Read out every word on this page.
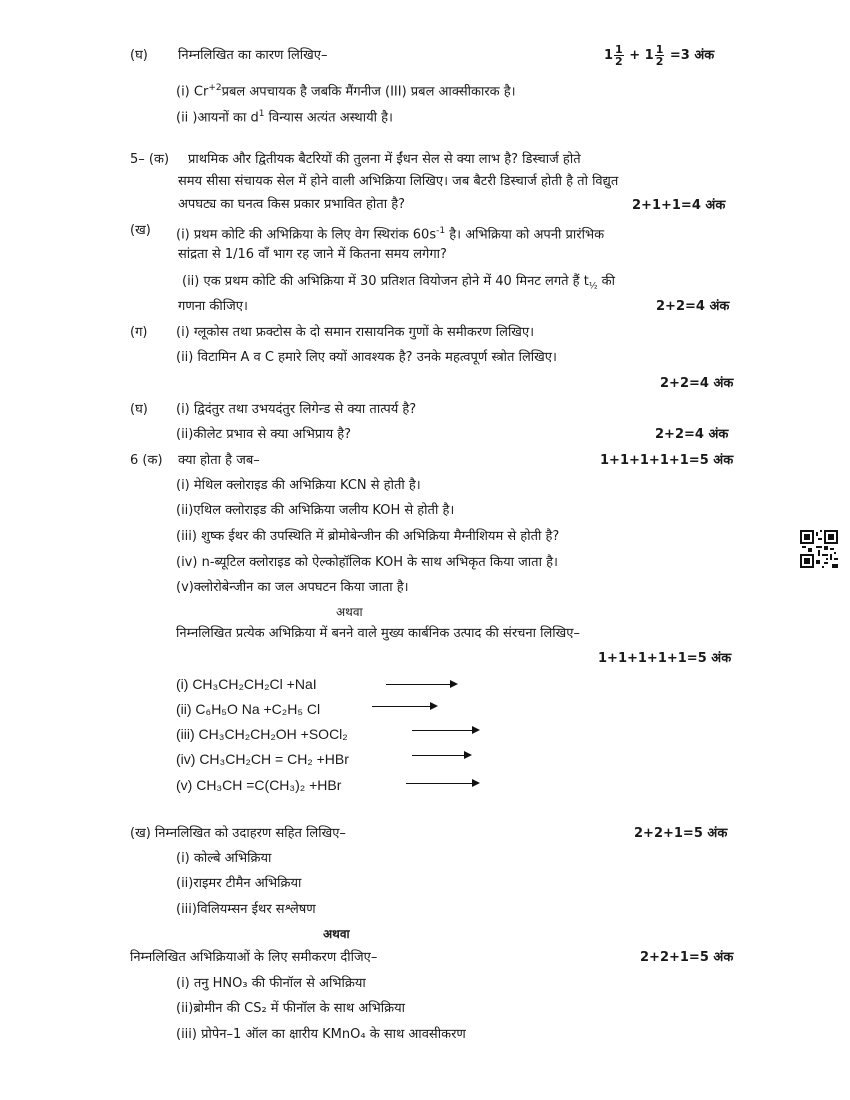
(घ) निम्नलिखित का कारण लिखिए–	$1 \frac{1}{2} + 1 \frac{1}{2} =3$ अंक
(i) $Cr^{+2}प्रबल$ अपचायक है जबकि मैंगनीज (III) प्रबल आक्सीकारक है।
(ii )आयनों का $d^1$ विन्यास अत्यंत अस्थायी है।
5– (क) प्राथमिक और द्वितीयक बैटरियों की तुलना में ईंधन सेल से क्या लाभ है? डिस्चार्ज होते
समय सीसा संचायक सेल में होने वाली अभिक्रिया लिखिए। जब बैटरी डिस्चार्ज होती है तो विद्युत
अपघट्य का घनत्व किस प्रकार प्रभावित होता है?	2+1+1=4 अंक
(ख) (i) प्रथम कोटि की अभिक्रिया के लिए वेग स्थिरांक $60s^{-1}$ है। अभिक्रिया को अपनी प्रारंभिक
सांद्रता से 1/16 वॉं भाग रह जाने में कितना समय लगेगा?
(ii) एक प्रथम कोटि की अभिक्रिया में 30 प्रतिशत वियोजन होने में 40 मिनट लगते हैं $t_{\frac{1}{2}}$ की
गणना कीजिए।	2+2=4 अंक
(ग) (i) ग्लूकोस तथा फ्रक्टोस के दो समान रासायनिक गुणों के समीकरण लिखिए।
(ii) विटामिन A व C हमारे लिए क्यों आवश्यक है? उनके महत्वपूर्ण स्त्रोत लिखिए।
2+2=4 अंक
(घ) (i) द्विदंतुर तथा उभयदंतुर लिगेन्ड से क्या तात्पर्य है?
(ii)कीलेट प्रभाव से क्या अभिप्राय है?	2+2=4 अंक
6 (क) क्या होता है जब–	1+1+1+1+1=5 अंक
(i) मेथिल क्लोराइड की अभिक्रिया KCN से होती है।
(ii)एथिल क्लोराइड की अभिक्रिया जलीय KOH से होती है।
(iii) शुष्क ईथर की उपस्थिति में ब्रोमोबेन्जीन की अभिक्रिया मैग्नीशियम से होती है?
(iv) n-ब्यूटिल क्लोराइड को ऐल्कोहॉलिक KOH के साथ अभिकृत किया जाता है।
(v)क्लोरोबेन्जीन का जल अपघटन किया जाता है।
अथवा
निम्नलिखित प्रत्येक अभिक्रिया में बनने वाले मुख्य कार्बनिक उत्पाद की संरचना लिखिए–
1+1+1+1+1=5 अंक
(i) CH₃CH₂CH₂Cl +NaI
(ii) C₆H₅O Na +C₂H₅ Cl
(iii) CH₃CH₂CH₂OH +SOCl₂
(iv) CH₃CH₂CH = CH₂ +HBr
(v) CH₃CH =C(CH₃)₂ +HBr
(ख) निम्नलिखित को उदाहरण सहित लिखिए–	2+2+1=5 अंक
(i) कोल्बे अभिक्रिया
(ii)राइमर टीमैन अभिक्रिया
(iii)विलियम्सन ईथर सश्लेषण
अथवा
निम्नलिखित अभिक्रियाओं के लिए समीकरण दीजिए–	2+2+1=5 अंक
(i) तनु HNO₃ की फीनॉल से अभिक्रिया
(ii)ब्रोमीन की CS₂ में फीनॉल के साथ अभिक्रिया
(iii) प्रोपेन–1 ऑल का क्षारीय KMnO₄ के साथ आवसीकरण
